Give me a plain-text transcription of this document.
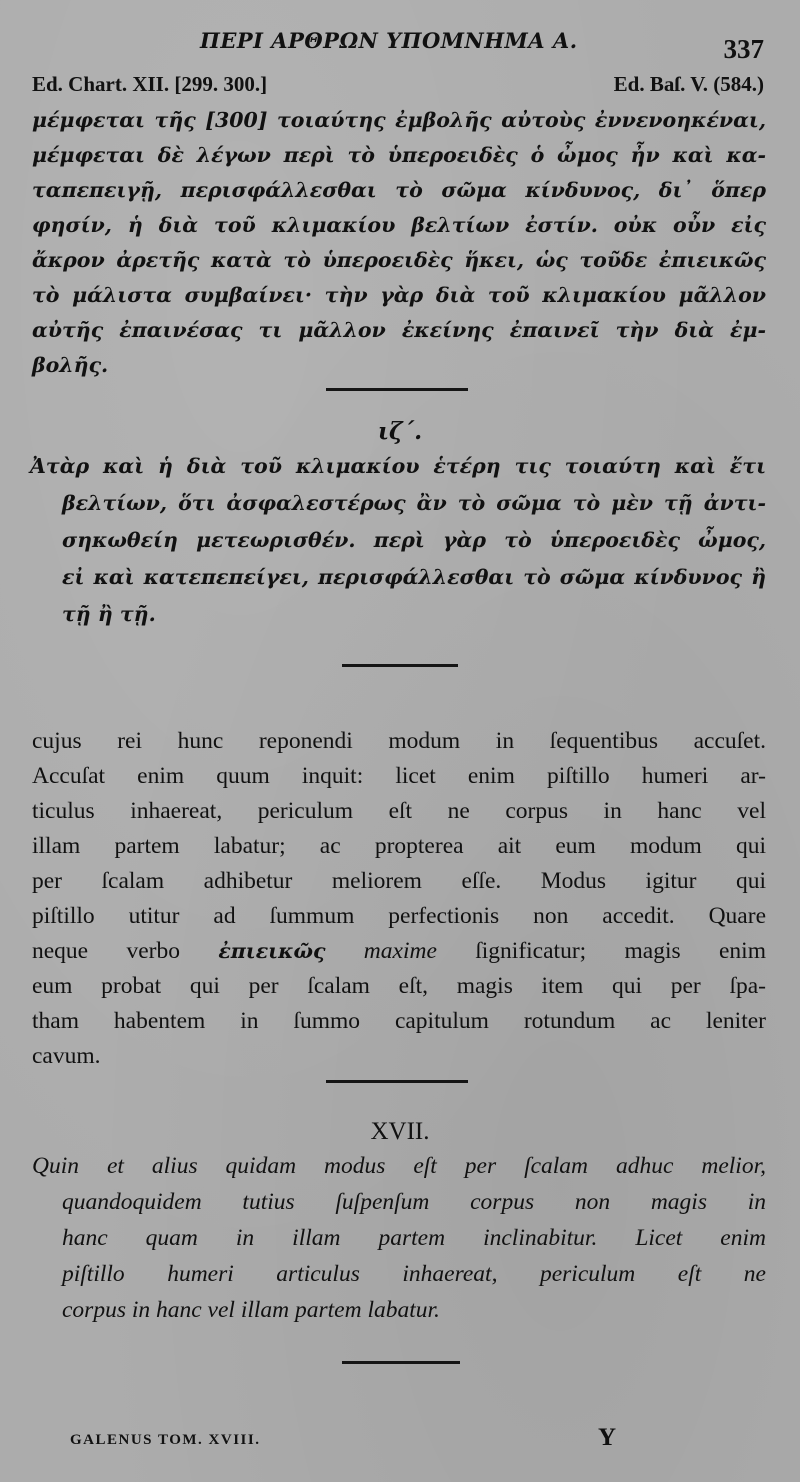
ΠΕΡΙ ΑΡΘΡΩΝ ΥΠΟΜΝΗΜΑ Α.	337
Ed. Chart. XII. [299. 300.]	Ed. Baſ. V. (584.)
μέμφεται τῆς [300] τοιαύτης ἐμβολῆς αὐτοὺς ἐννενοηκέναι,
μέμφεται δὲ λέγων περὶ τὸ ὑπεροειδὲς ὁ ὦμος ἦν καὶ κα-
ταπεπειγῇ, περισφάλλεσθαι τὸ σῶμα κίνδυνος, δι᾽ ὅπερ
φησίν, ἡ διὰ τοῦ κλιμακίου βελτίων ἐστίν. οὐκ οὖν εἰς
ἄκρον ἀρετῆς κατὰ τὸ ὑπεροειδὲς ἥκει, ὡς τοῦδε ἐπιεικῶς
τὸ μάλιστα συμβαίνει· τὴν γὰρ διὰ τοῦ κλιμακίου μᾶλλον
αὐτῆς ἐπαινέσας τι μᾶλλον ἐκείνης ἐπαινεῖ τὴν διὰ ἐμ-
βολῆς.
ιζ΄.
Ἀτὰρ καὶ ἡ διὰ τοῦ κλιμακίου ἑτέρη τις τοιαύτη καὶ ἔτι
βελτίων, ὅτι ἀσφαλεστέρως ἂν τὸ σῶμα τὸ μὲν τῇ ἀντι-
σηκωθείη μετεωρισθέν. περὶ γὰρ τὸ ὑπεροειδὲς ὦμος,
εἰ καὶ κατεπεπείγει, περισφάλλεσθαι τὸ σῶμα κίνδυνος ἢ
τῇ ἢ τῇ.
cujus rei hunc reponendi modum in ſequentibus accuſet.
Accuſat enim quum inquit: licet enim piſtillo humeri ar-
ticulus inhaereat, periculum eſt ne corpus in hanc vel
illam partem labatur; ac propterea ait eum modum qui
per ſcalam adhibetur meliorem eſſe. Modus igitur qui
piſtillo utitur ad ſummum perfectionis non accedit. Quare
neque verbo ἐπιεικῶς maxime ſignificatur; magis enim
eum probat qui per ſcalam eſt, magis item qui per ſpa-
tham habentem in ſummo capitulum rotundum ac leniter
cavum.
XVII.
Quin et alius quidam modus eſt per ſcalam adhuc melior,
quandoquidem tutius ſuſpenſum corpus non magis in
hanc quam in illam partem inclinabitur. Licet enim
piſtillo humeri articulus inhaereat, periculum eſt ne
corpus in hanc vel illam partem labatur.
GALENUS TOM. XVIII.	Y
